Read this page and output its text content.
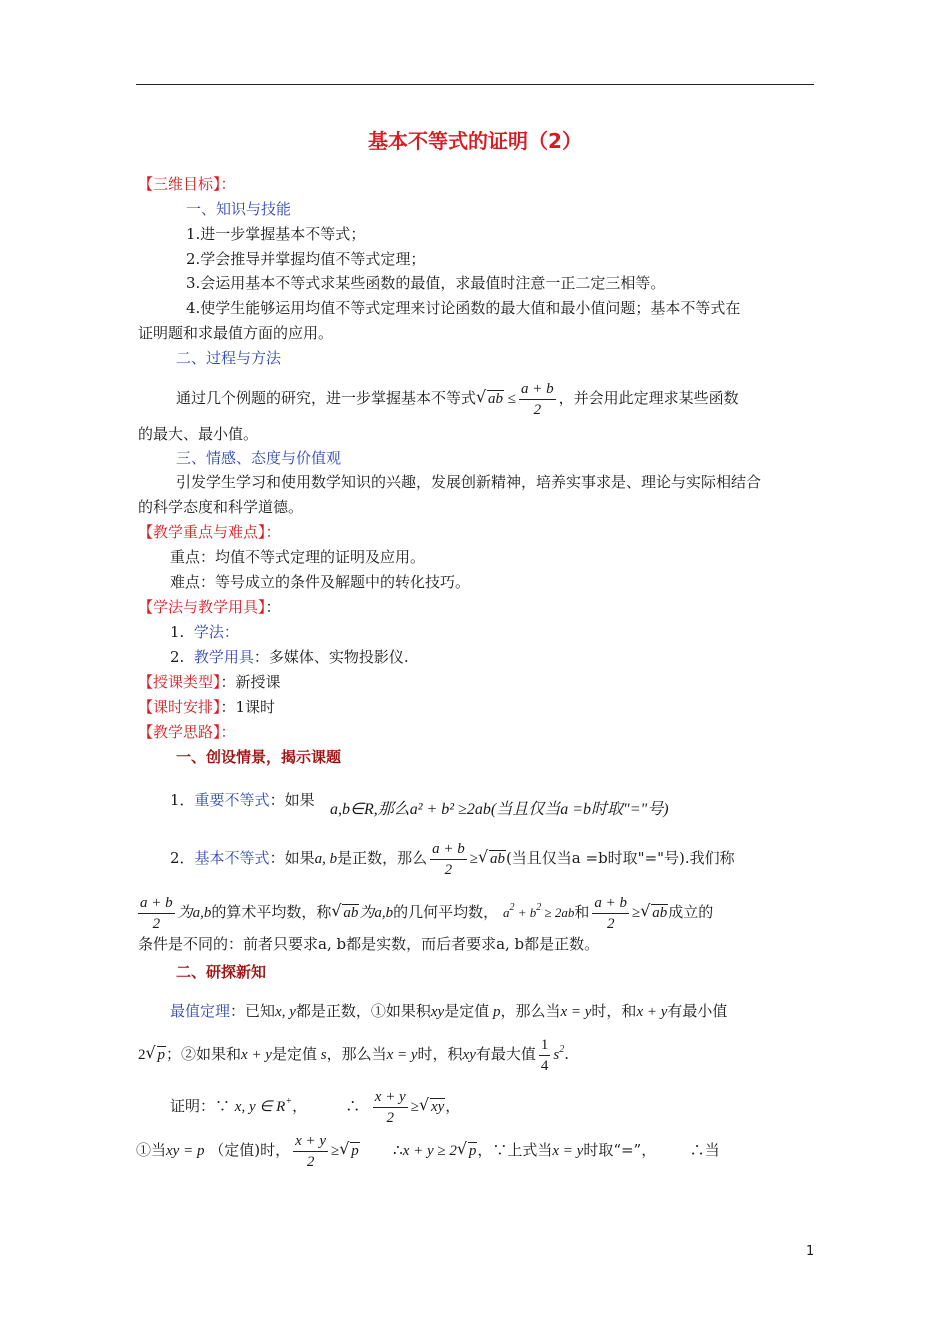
基本不等式的证明（2）
【三维目标】：
一、知识与技能
1.进一步掌握基本不等式；
2.学会推导并掌握均值不等式定理；
3.会运用基本不等式求某些函数的最值，求最值时注意一正二定三相等。
4.使学生能够运用均值不等式定理来讨论函数的最大值和最小值问题；基本不等式在
证明题和求最值方面的应用。
二、过程与方法
通过几个例题的研究，进一步掌握基本不等式 √ ab ≤ $\frac{a + b}{2}$ ，并会用此定理求某些函数
的最大、最小值。
三、情感、态度与价值观
引发学生学习和使用数学知识的兴趣，发展创新精神，培养实事求是、理论与实际相结合
的科学态度和科学道德。
【教学重点与难点】：
重点：均值不等式定理的证明及应用。
难点：等号成立的条件及解题中的转化技巧。
【学法与教学用具】：
1. 学法：
2. 教学用具：多媒体、实物投影仪.
【授课类型】：新授课
【课时安排】：1课时
【教学思路】：
一、创设情景，揭示课题
1．重要不等式：如果
a,b∈R,那么a² + b² ≥2ab(当且仅当a =b时取"="号)
2．基本不等式：如果a, b是正数，那么 $\frac{a + b}{2}$ ≥ √ ab(当且仅当a =b时取"="号).我们称
$\frac{a + b}{2}$ 为a,b的算术平均数，称 √ ab为a,b的几何平均数， $a^2 + b^2 \ge 2ab$和 $\frac{a + b}{2}$ ≥ √ ab成立的
条件是不同的：前者只要求a, b都是实数，而后者要求a, b都是正数。
二、研探新知
最值定理：已知x, y都是正数，①如果积xy是定值 p，那么当x = y时，和x + y有最小值
2 √ p；②如果和x + y是定值 s，那么当x = y时，积xy有最大值 $\frac{1}{4} s^2$.
证明：∵ x, y ∈ R+，        ∴ $\frac{x + y}{2}$ ≥ √ xy，
①当xy = p （定值)时， $\frac{x + y}{2}$ ≥ √ p       ∴x + y ≥ 2 √ p，∵上式当x = y时取“=”， ∴当
1
